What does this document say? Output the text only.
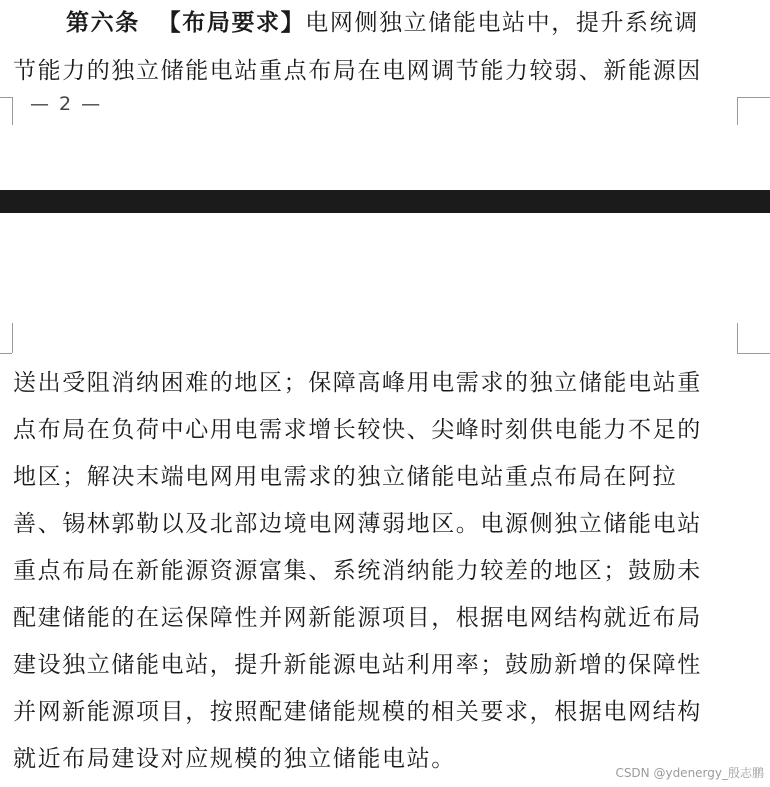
第六条 【布局要求】电网侧独立储能电站中，提升系统调
节能力的独立储能电站重点布局在电网调节能力较弱、新能源因
— 2 —
送出受阻消纳困难的地区；保障高峰用电需求的独立储能电站重
点布局在负荷中心用电需求增长较快、尖峰时刻供电能力不足的
地区；解决末端电网用电需求的独立储能电站重点布局在阿拉
善、锡林郭勒以及北部边境电网薄弱地区。电源侧独立储能电站
重点布局在新能源资源富集、系统消纳能力较差的地区；鼓励未
配建储能的在运保障性并网新能源项目，根据电网结构就近布局
建设独立储能电站，提升新能源电站利用率；鼓励新增的保障性
并网新能源项目，按照配建储能规模的相关要求，根据电网结构
就近布局建设对应规模的独立储能电站。
CSDN @ydenergy_殷志鹏
